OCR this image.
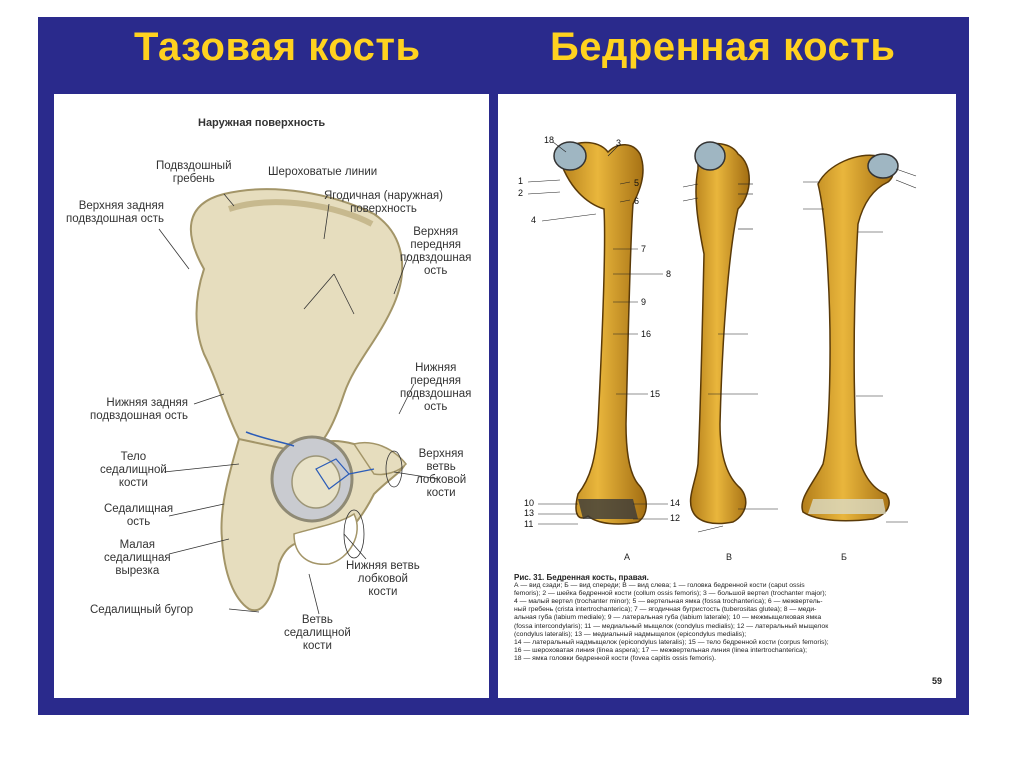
Тазовая кость	Бедренная кость
Наружная поверхность
Подвздошный
гребень
Шероховатые линии
Ягодичная (наружная)
поверхность
Верхняя задняя
подвздошная ость
Верхняя
передняя
подвздошная
ость
Нижняя
передняя
подвздошная
ость
Нижняя задняя
подвздошная ость
Тело
седалищной
кости
Верхняя
ветвь
лобковой
кости
Седалищная
ость
Малая
седалищная
вырезка	Нижняя ветвь
лобковой
кости
Седалищный бугор
Ветвь
седалищной
кости
18	3
1
2
5
6
4
7
8
9
16
15
10
13
11
14
12
А	В	Б
Рис. 31. Бедренная кость, правая.
А — вид сзади; Б — вид спереди; В — вид слева; 1 — головка бедренной кости (caput ossis
femoris); 2 — шейка бедренной кости (collum ossis femoris); 3 — большой вертел (trochanter major);
4 — малый вертел (trochanter minor); 5 — вертельная ямка (fossa trochanterica); 6 — межвертель-
ный гребень (crista intertrochanterica); 7 — ягодичная бугристость (tuberositas glutea); 8 — меди-
альная губа (labium mediale); 9 — латеральная губа (labium laterale); 10 — межмыщелковая ямка
(fossa intercondylaris); 11 — медиальный мыщелок (condylus medialis); 12 — латеральный мыщелок
(condylus lateralis); 13 — медиальный надмыщелок (epicondylus medialis);
14 — латеральный надмыщелок (epicondylus lateralis); 15 — тело бедренной кости (corpus femoris);
16 — шероховатая линия (linea aspera); 17 — межвертельная линия (linea intertrochanterica);
18 — ямка головки бедренной кости (fovea capitis ossis femoris).
59
